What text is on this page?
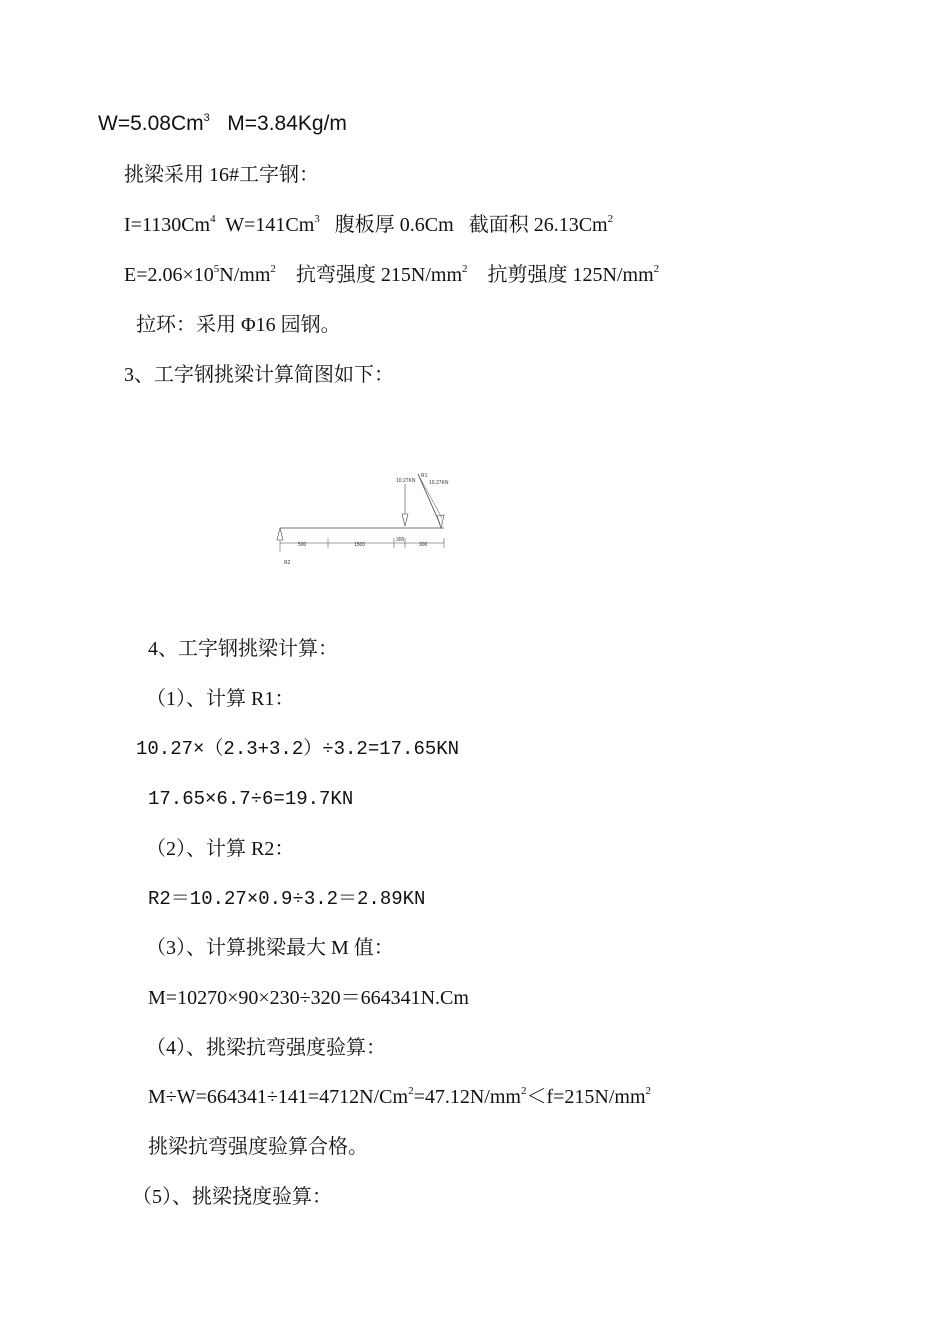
$W=5.08Cm^3$   M=3.84Kg/m
挑梁采用 16#工字钢：
$I=1130Cm^4$  $W=141Cm^3$   腹板厚 0.6Cm   截面积 26.13Cm$^2$
$E=2.06\times 10^5N/mm^2$    抗弯强度 $215N/mm^2$    抗剪强度 $125N/mm^2$
拉环：采用 Φ16 园钢。
3、工字钢挑梁计算简图如下：
R2
10.27KN
R1
10.27KN
500	1500
300
900
4、工字钢挑梁计算：
（1）、计算 R1：
10.27×（2.3+3.2）÷3.2=17.65KN
17.65×6.7÷6=19.7KN
（2）、计算 R2：
R2＝10.27×0.9÷3.2＝2.89KN
（3）、计算挑梁最大 M 值：
M=10270×90×230÷320＝664341N.Cm
（4）、挑梁抗弯强度验算：
$M\div W=664341\div 141=4712N/Cm^2=47.12N/mm^2<f=215N/mm^2$
挑梁抗弯强度验算合格。
（5）、挑梁挠度验算：
